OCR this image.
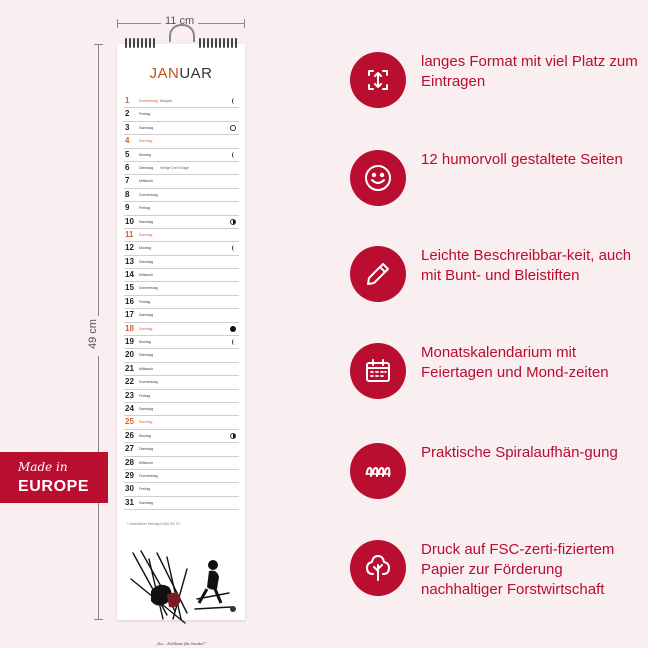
11 cm
49 cm
JANUAR
1	Donnerstag Neujahr
2	Freitag
3	Samstag
4	Sonntag
5	Montag
6	Dienstag Heilige Drei Könige
7	Mittwoch
8	Donnerstag
9	Freitag
10 Samstag
11 Sonntag
12 Montag
13 Dienstag
14 Mittwoch
15 Donnerstag
16 Freitag
17 Samstag
18 Sonntag
19 Montag
20 Dienstag
21 Mittwoch
22 Donnerstag
23 Freitag
24 Samstag
25 Sonntag
26 Montag
27 Dienstag
28 Mittwoch
29 Donnerstag
30 Freitag
31 Samstag
* Gesetzlicher Feiertag in BW, BY, ST
„So – Schluss für heute!“
Made in
EUROPE
langes Format mit viel Platz zum Eintragen
12 humorvoll gestaltete Seiten
Leichte Beschreibbar-keit, auch mit Bunt- und Bleistiften
Monatskalendarium mit Feiertagen und Mond-zeiten
Praktische Spiralaufhän-gung
Druck auf FSC-zerti-fiziertem Papier zur Förderung nachhaltiger Forstwirtschaft
